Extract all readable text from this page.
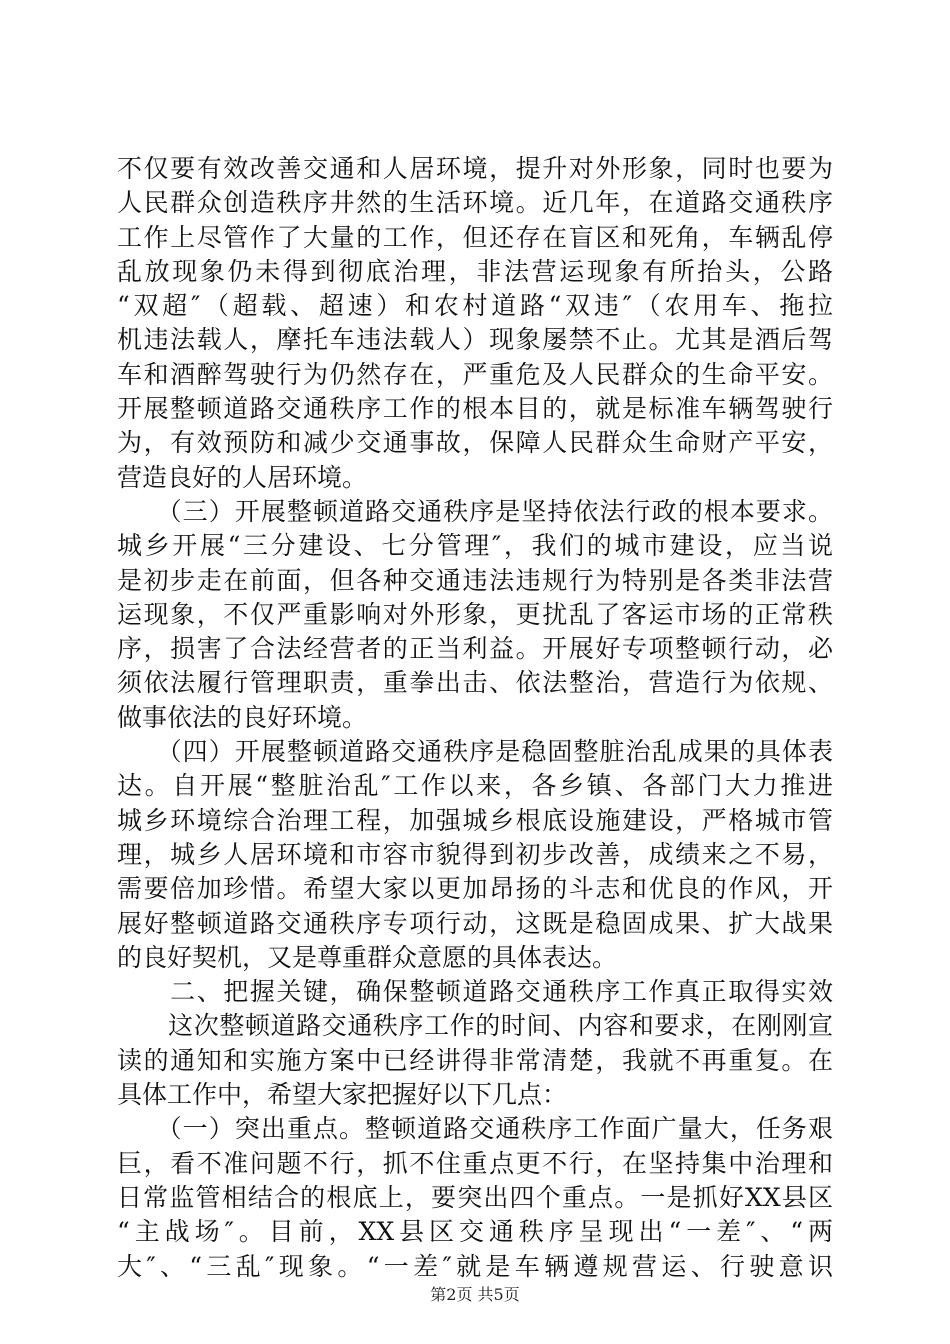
不仅要有效改善交通和人居环境，提升对外形象，同时也要为
人民群众创造秩序井然的生活环境。近几年，在道路交通秩序
工作上尽管作了大量的工作，但还存在盲区和死角，车辆乱停
乱放现象仍未得到彻底治理，非法营运现象有所抬头，公路
“双超″（超载、超速）和农村道路“双违″（农用车、拖拉
机违法载人，摩托车违法载人）现象屡禁不止。尤其是酒后驾
车和酒醉驾驶行为仍然存在，严重危及人民群众的生命平安。
开展整顿道路交通秩序工作的根本目的，就是标准车辆驾驶行
为，有效预防和减少交通事故，保障人民群众生命财产平安，
营造良好的人居环境。
　　（三）开展整顿道路交通秩序是坚持依法行政的根本要求。
城乡开展“三分建设、七分管理″，我们的城市建设，应当说
是初步走在前面，但各种交通违法违规行为特别是各类非法营
运现象，不仅严重影响对外形象，更扰乱了客运市场的正常秩
序，损害了合法经营者的正当利益。开展好专项整顿行动，必
须依法履行管理职责，重拳出击、依法整治，营造行为依规、
做事依法的良好环境。
　　（四）开展整顿道路交通秩序是稳固整脏治乱成果的具体表
达。自开展“整脏治乱″工作以来，各乡镇、各部门大力推进
城乡环境综合治理工程，加强城乡根底设施建设，严格城市管
理，城乡人居环境和市容市貌得到初步改善，成绩来之不易，
需要倍加珍惜。希望大家以更加昂扬的斗志和优良的作风，开
展好整顿道路交通秩序专项行动，这既是稳固成果、扩大战果
的良好契机，又是尊重群众意愿的具体表达。
　　二、把握关键，确保整顿道路交通秩序工作真正取得实效
　　这次整顿道路交通秩序工作的时间、内容和要求，在刚刚宣
读的通知和实施方案中已经讲得非常清楚，我就不再重复。在
具体工作中，希望大家把握好以下几点：
　　（一）突出重点。整顿道路交通秩序工作面广量大，任务艰
巨，看不准问题不行，抓不住重点更不行，在坚持集中治理和
日常监管相结合的根底上，要突出四个重点。一是抓好XX县区
“主战场″。目前，XX县区交通秩序呈现出“一差″、“两
大″、“三乱″现象。“一差″就是车辆遵规营运、行驶意识
第2页 共5页
